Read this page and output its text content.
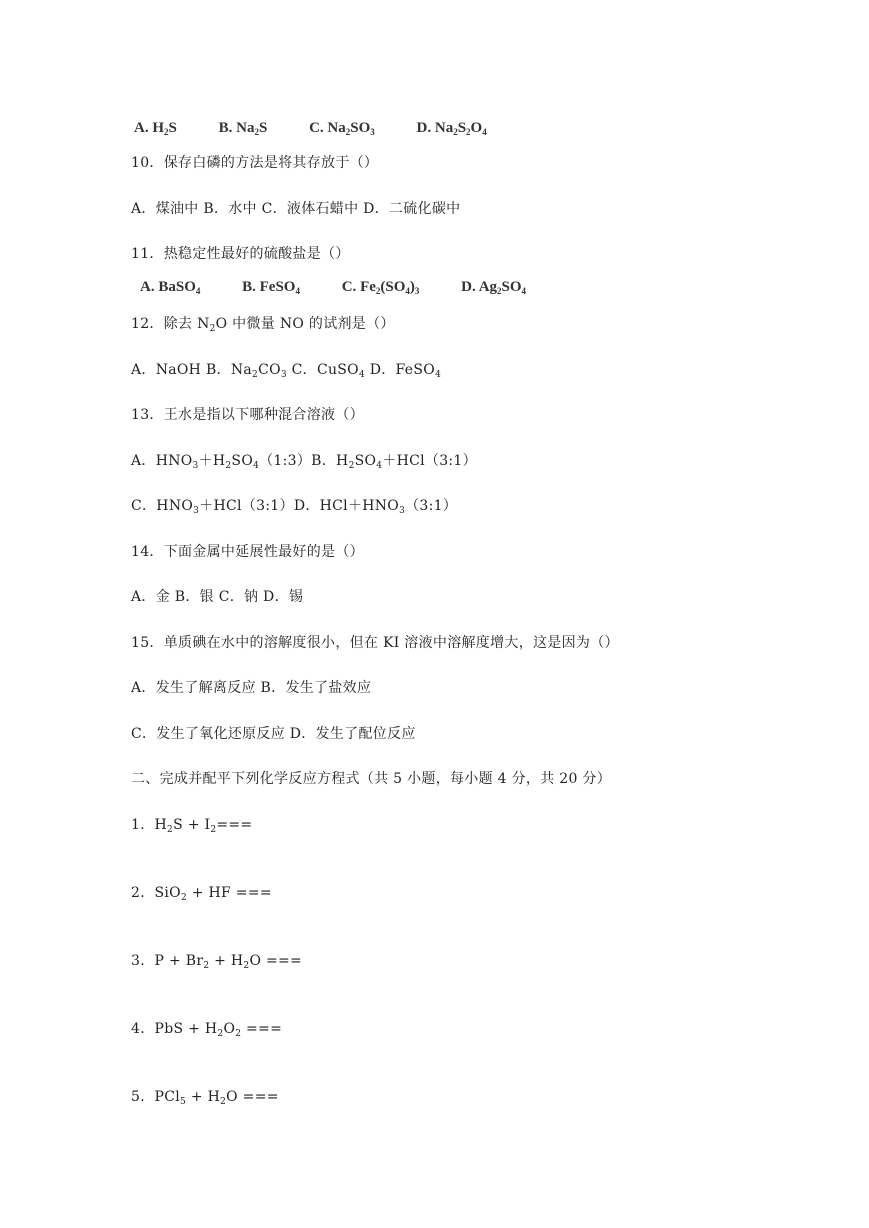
A. $H_2S$	B. $Na_2S$	C. $Na_2SO_3$	D. $Na_2S_2O_4$
10．保存白磷的方法是将其存放于（）
A．煤油中 B．水中 C．液体石蜡中 D．二硫化碳中
11．热稳定性最好的硫酸盐是（）
A. BaSO$_4$	B. FeSO$_4$	C. $Fe_2(SO_4)_3$	D. $Ag_2SO_4$
12．除去 $N_2O$ 中微量 NO 的试剂是（）
A．NaOH B．$Na_2CO_3$ C．CuSO$_4$ D．FeSO$_4$
13．王水是指以下哪种混合溶液（）
A．$HNO_3+H_2SO_4(1:3)B$．$H_2SO_4+HCl(3:1)$
C．$HNO_3+HCl(3:1)D$．$HCl+HNO_3(3:1)$
14．下面金属中延展性最好的是（）
A．金 B．银 C．钠 D．锡
15．单质碘在水中的溶解度很小，但在 KI 溶液中溶解度增大，这是因为（）
A．发生了解离反应 B．发生了盐效应
C．发生了氧化还原反应 D．发生了配位反应
二、完成并配平下列化学反应方程式（共 5 小题，每小题 4 分，共 20 分）
1．$H_2S + I_2===$
2．SiO$_2$ + HF ===
3．$P + Br_2 + H_2O$ ===
4．PbS + $H_2O_2$ ===
5．$PCl_5 + H_2O$ ===
